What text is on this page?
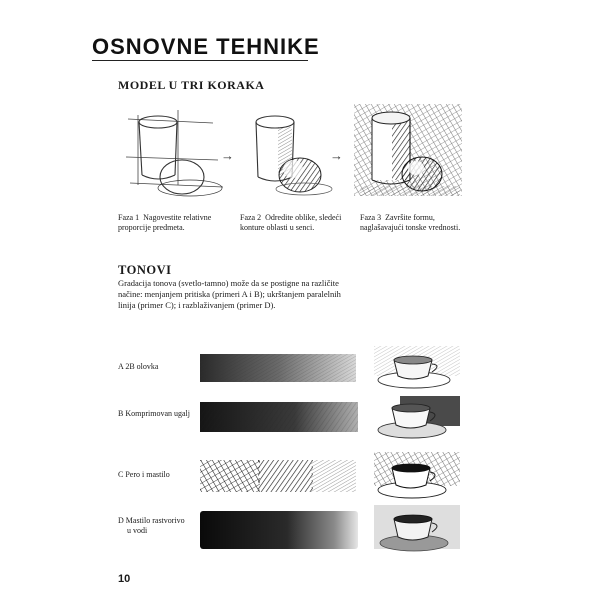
OSNOVNE TEHNIKE
MODEL U TRI KORAKA
→	→
Faza 1 Nagovestite relativne
proporcije predmeta.
Faza 2 Odredite oblike, sledeći
konture oblasti u senci.
Faza 3 Završite formu,
naglašavajući tonske vrednosti.
TONOVI
Gradacija tonova (svetlo-tamno) može da se postigne na različite
načine: menjanjem pritiska (primeri A i B); ukrštanjem paralelnih
linija (primer C); i razblaživanjem (primer D).
A 2B olovka
B Komprimovan ugalj
C Pero i mastilo
D Mastilo rastvorivo
u vodi
10
